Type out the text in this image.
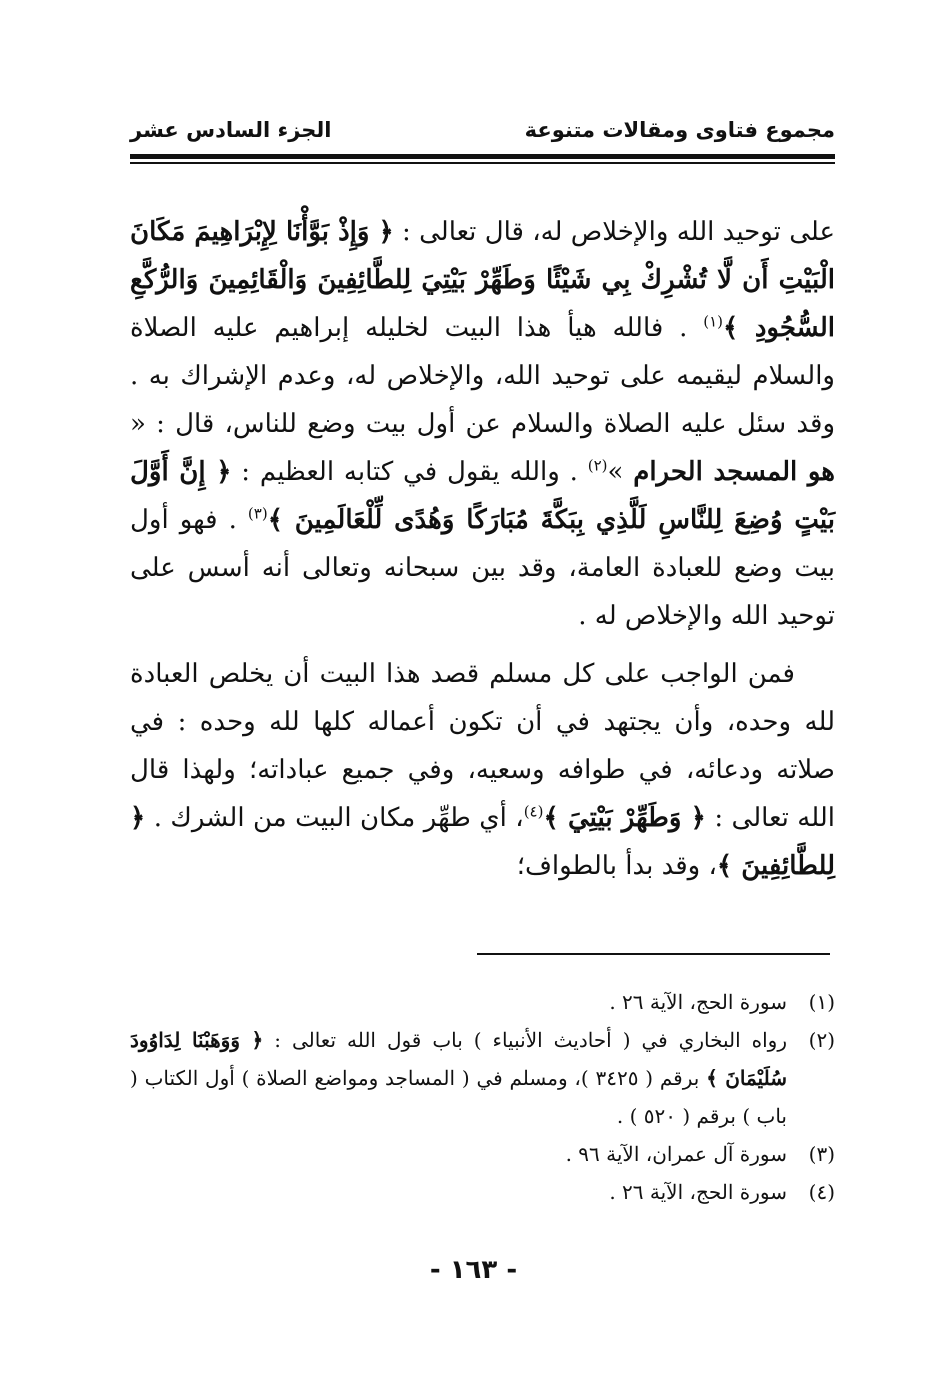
مجموع فتاوى ومقالات متنوعة
الجزء السادس عشر

على توحيد الله والإخلاص له، قال تعالى : ﴿ وَإِذْ بَوَّأْنَا لِإِبْرَاهِيمَ مَكَانَ الْبَيْتِ أَن لَّا تُشْرِكْ بِي شَيْئًا وَطَهِّرْ بَيْتِيَ لِلطَّائِفِينَ وَالْقَائِمِينَ وَالرُّكَّعِ السُّجُودِ ﴾$^{(١)}$ . فالله هيأ هذا البيت لخليله إبراهيم عليه الصلاة والسلام ليقيمه على توحيد الله، والإخلاص له، وعدم الإشراك به . وقد سئل عليه الصلاة والسلام عن أول بيت وضع للناس، قال : « هو المسجد الحرام »$^{(٢)}$ . والله يقول في كتابه العظيم : ﴿ إِنَّ أَوَّلَ بَيْتٍ وُضِعَ لِلنَّاسِ لَلَّذِي بِبَكَّةَ مُبَارَكًا وَهُدًى لِّلْعَالَمِينَ ﴾$^{(٣)}$ . فهو أول بيت وضع للعبادة العامة، وقد بين سبحانه وتعالى أنه أسس على توحيد الله والإخلاص له .

فمن الواجب على كل مسلم قصد هذا البيت أن يخلص العبادة لله وحده، وأن يجتهد في أن تكون أعماله كلها لله وحده : في صلاته ودعائه، في طوافه وسعيه، وفي جميع عباداته؛ ولهذا قال الله تعالى : ﴿ وَطَهِّرْ بَيْتِيَ ﴾$^{(٤)}$، أي طهِّر مكان البيت من الشرك . ﴿ لِلطَّائِفِينَ ﴾، وقد بدأ بالطواف؛

(١)
سورة الحج، الآية ٢٦ .
(٢)
رواه البخاري في ( أحاديث الأنبياء ) باب قول الله تعالى : ﴿ وَوَهَبْنَا لِدَاوُودَ سُلَيْمَانَ ﴾ برقم ( ٣٤٢٥ )، ومسلم في ( المساجد ومواضع الصلاة ) أول الكتاب ( باب ) برقم ( ٥٢٠ ) .
(٣)
سورة آل عمران، الآية ٩٦ .
(٤)
سورة الحج، الآية ٢٦ .
- ١٦٣ -
